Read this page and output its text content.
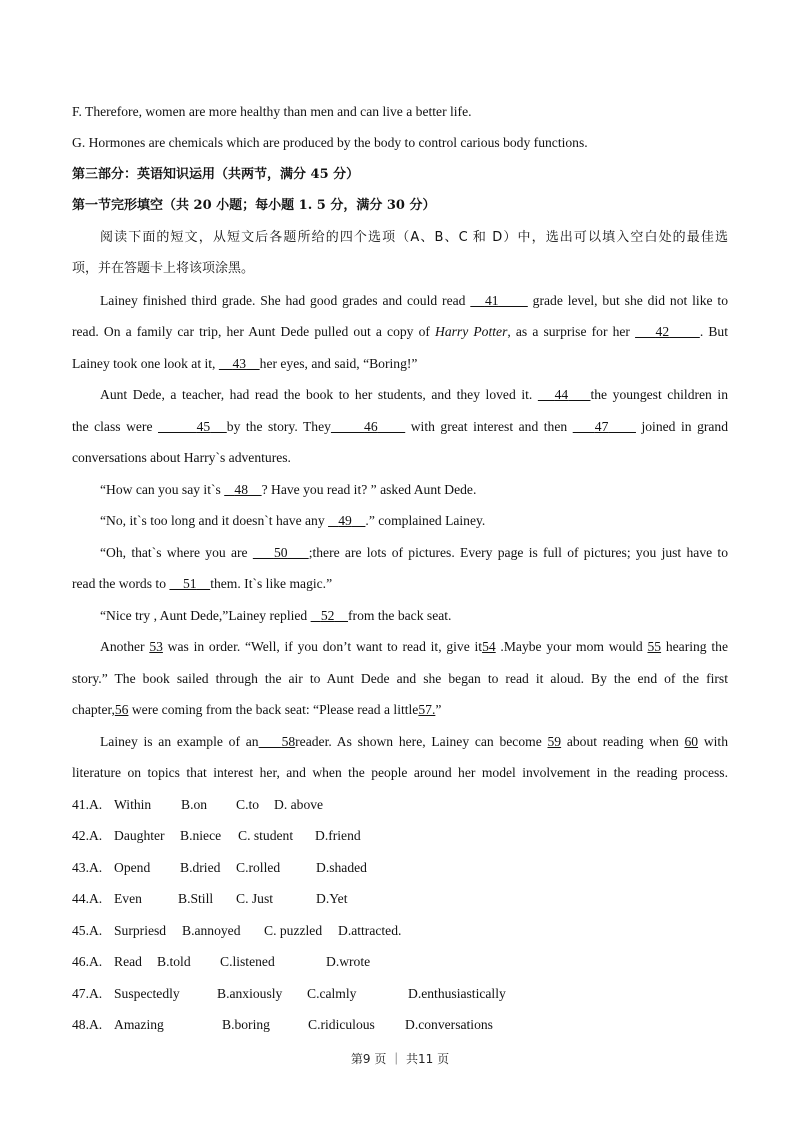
F. Therefore, women are more healthy than men and can live a better life.
G. Hormones are chemicals which are produced by the body to control carious body functions.
第三部分：英语知识运用（共两节，满分 45 分）
第一节完形填空（共 20 小题；每小题 1. 5 分，满分 30 分）
阅读下面的短文，从短文后各题所给的四个选项（A、B、C 和 D）中，选出可以填入空白处的最佳选
项，并在答题卡上将该项涂黑。
Lainey finished third grade. She had good grades and could read    41       grade level, but she did not like to
read. On a family car trip, her Aunt Dede pulled out a copy of Harry Potter, as a surprise for her     42 . But
Lainey took one look at it,     43 her eyes, and said, “Boring!”
Aunt Dede, a teacher, had read the book to her students, and they loved it.    44 the youngest children in
the class were	45 by the story. They 46      with great interest and then     47      joined in grand
conversations about Harry`s adventures.
“How can you say it`s    48 ? Have you read it? ” asked Aunt Dede.
“No, it`s too long and it doesn`t have any    49 .” complained Lainey.
“Oh, that`s where you are     50 ;there are lots of pictures. Every page is full of pictures; you just have to
read the words to     51 them. It`s like magic.”
“Nice try , Aunt Dede,”Lainey replied    52 from the back seat.
Another 53 was in order. “Well, if you don’t want to read it, give it54 .Maybe your mom would 55 hearing the
story.” The book sailed through the air to Aunt Dede and she began to read it aloud. By the end of the first
chapter,56 were coming from the back seat: “Please read a little57.”
Lainey is an example of an 58reader. As shown here, Lainey can become 59 about reading when 60 with
literature on topics that interest her, and when the people around her model involvement in the reading process.
41.A. Within B.on C.to D. above
42.A. Daughter B.niece C. student D.friend
43.A. Opend B.dried C.rolled	D.shaded
44.A. Even	B.Still C. Just	D.Yet
45.A. Surpriesd B.annoyed C. puzzled D.attracted.
46.A. Read B.told C.listened	D.wrote
47.A. Suspectedly	B.anxiously C.calmly	D.enthusiastically
48.A. Amazing	B.boring	C.ridiculous D.conversations
第9 页 ｜ 共11 页
